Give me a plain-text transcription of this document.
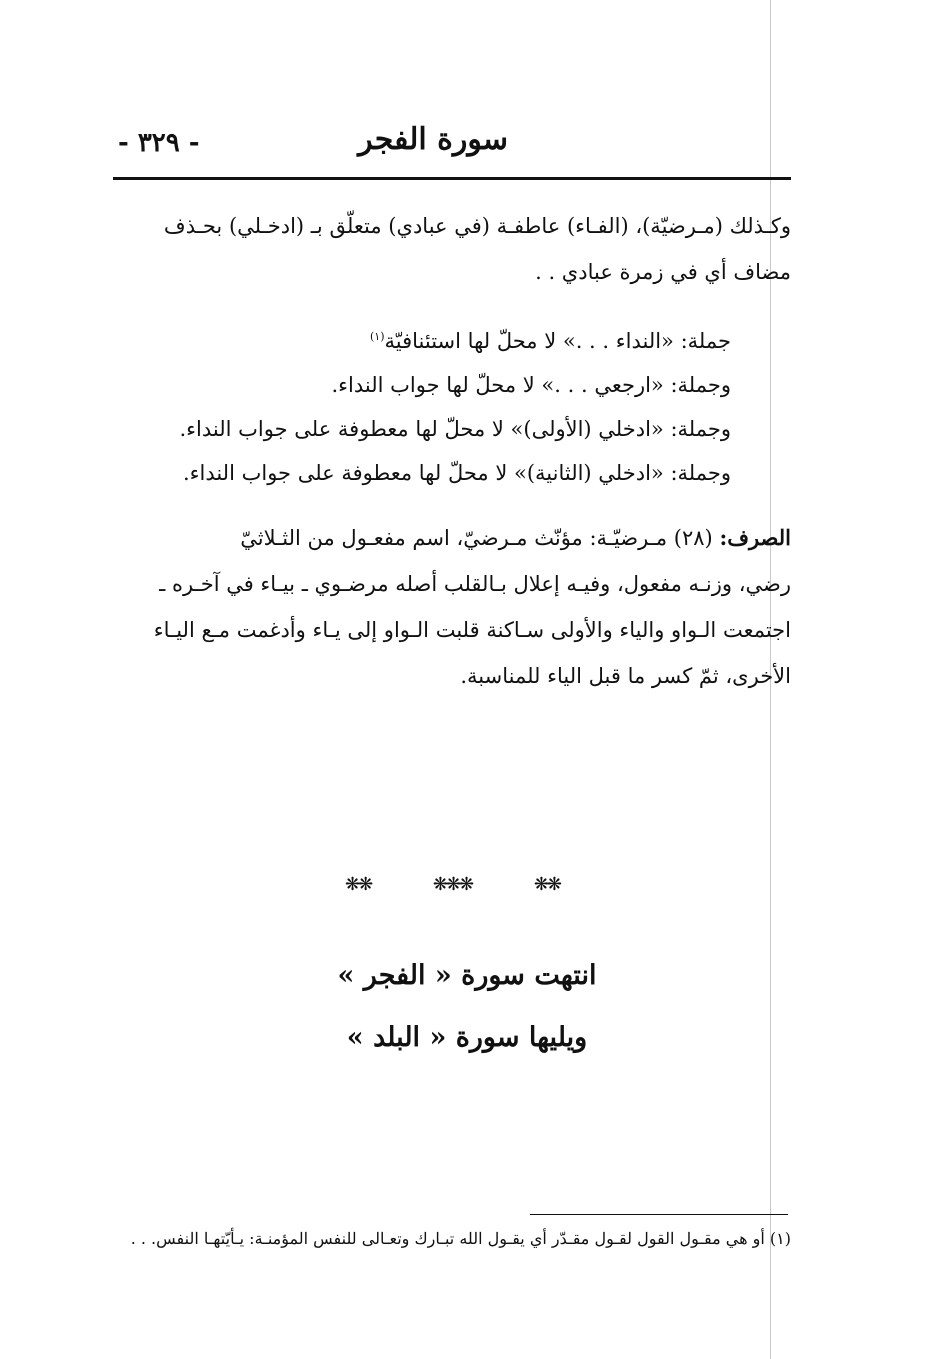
سورة الفجر
- ٣٢٩ -
وكـذلك (مـرضيّة)، (الفـاء) عاطفـة (في عبادي) متعلّق بـ (ادخـلي) بحـذف
مضاف أي في زمرة عبادي . .
جملة: «النداء . . .» لا محلّ لها استئنافيّة$^{(١)}$
وجملة: «ارجعي . . .» لا محلّ لها جواب النداء.
وجملة: «ادخلي (الأولى)» لا محلّ لها معطوفة على جواب النداء.
وجملة: «ادخلي (الثانية)» لا محلّ لها معطوفة على جواب النداء.
الصرف: (٢٨) مـرضيّـة: مؤنّث مـرضيّ، اسم مفعـول من الثـلاثيّ
رضي، وزنـه مفعول، وفيـه إعلال بـالقلب أصله مرضـوي ـ بيـاء في آخـره ـ
اجتمعت الـواو والياء والأولى سـاكنة قلبت الـواو إلى يـاء وأدغمت مـع اليـاء
الأخرى، ثمّ كسر ما قبل الياء للمناسبة.
❋❋	❋❋❋	❋❋
انتهت سورة « الفجر »
ويليها سورة « البلد »
(١) أو هي مقـول القول لقـول مقـدّر أي يقـول الله تبـارك وتعـالى للنفس المؤمنـة: يـأيّتهـا النفس. . .
